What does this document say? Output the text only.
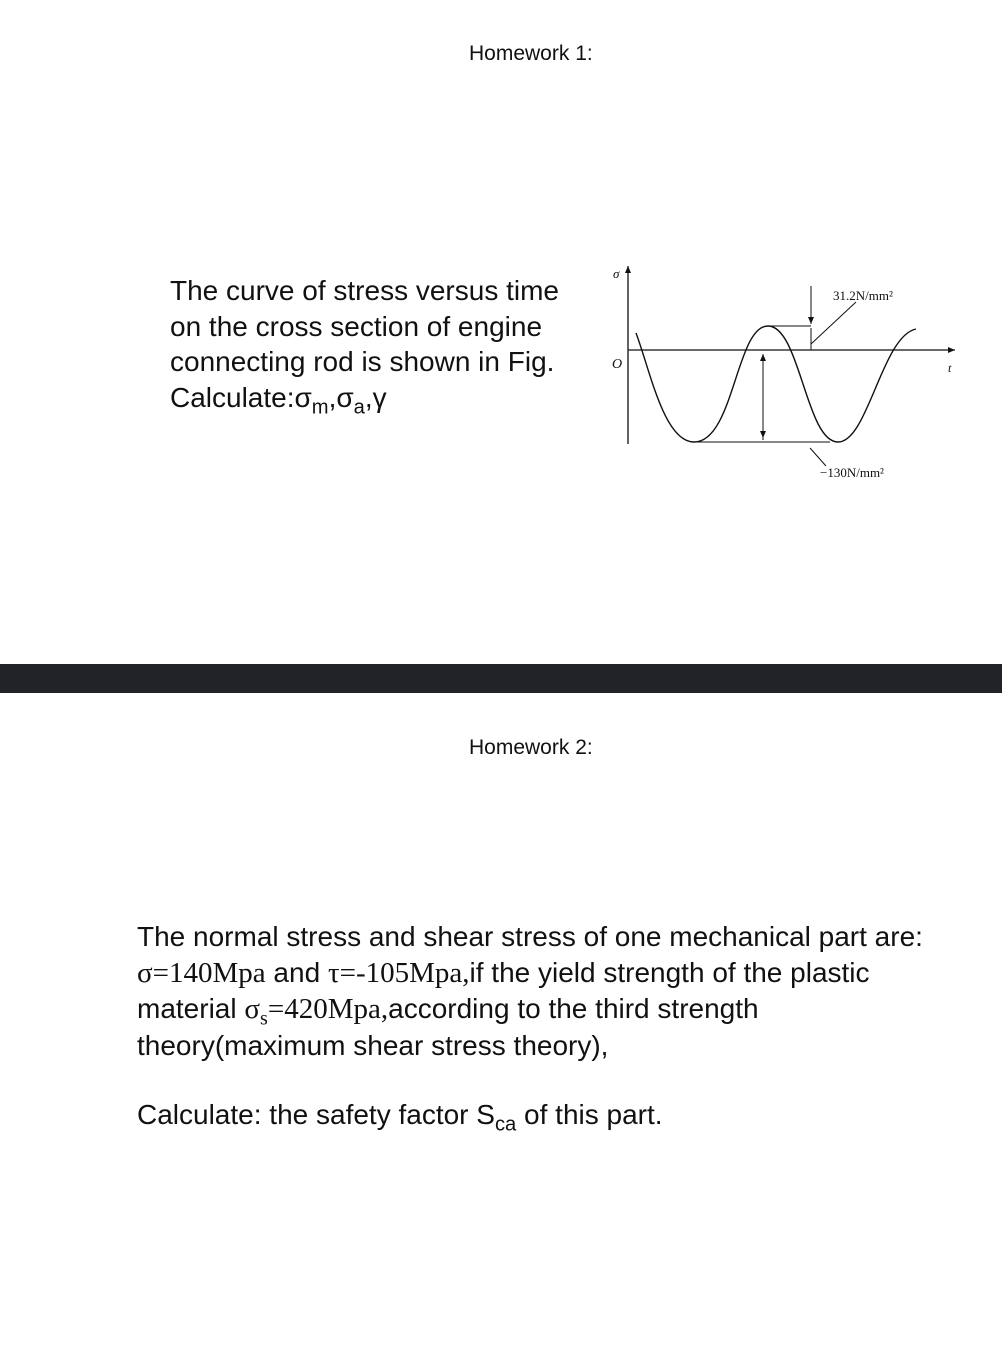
Homework 1:
The curve of stress versus time
on the cross section of engine
connecting rod is shown in Fig.
$Calculate:\sigma_m,\sigma_a,\gamma$
σ
O	t
31.2N/mm²
−130N/mm²
Homework 2:
The normal stress and shear stress of one mechanical part are:
σ=140Mpa and τ=-105Mpa,if the yield strength of the plastic
material $\sigma_s=420Mpa,according$ to the third strength
theory(maximum shear stress theory),
Calculate: the safety factor $S_{ca}$ of this part.
